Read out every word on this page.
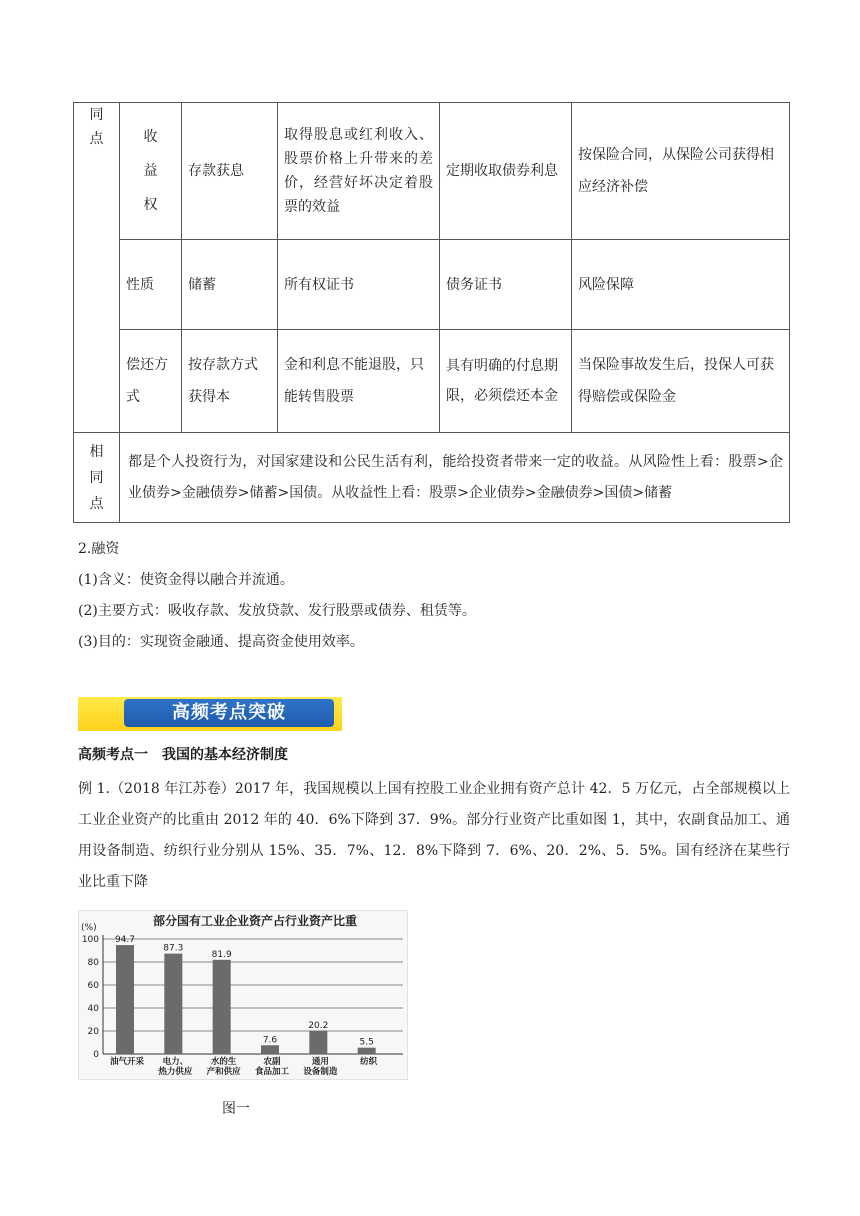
同点	收益权	存款获息	取得股息或红利收入、股票价格上升带来的差价，经营好坏决定着股票的效益	定期收取债券利息	按保险合同，从保险公司获得相应经济补偿
	性质	储蓄	所有权证书	债务证书	风险保障
	偿还方式	按存款方式获得本	金和利息不能退股，只能转售股票	具有明确的付息期限，必须偿还本金	当保险事故发生后，投保人可获得赔偿或保险金

相同点	都是个人投资行为，对国家建设和公民生活有利，能给投资者带来一定的收益。从风险性上看：股票>企业债券>金融债券>储蓄>国债。从收益性上看：股票>企业债券>金融债券>国债>储蓄				
2.融资
(1)含义：使资金得以融合并流通。
(2)主要方式：吸收存款、发放贷款、发行股票或债券、租赁等。
(3)目的：实现资金融通、提高资金使用效率。
高频考点突破
高频考点一　我国的基本经济制度
例 1.（2018 年江苏卷）2017 年，我国规模以上国有控股工业企业拥有资产总计 42．5 万亿元，占全部规模以上工业企业资产的比重由 2012 年的 40．6%下降到 37．9%。部分行业资产比重如图 1，其中，农副食品加工、通用设备制造、纺织行业分别从 15%、35．7%、12．8%下降到 7．6%、20．2%、5．5%。国有经济在某些行业比重下降
部分国有工业企业资产占行业资产比重
(%)
0
20
40
60
80
100 94.7
油气开采
87.3
电力、
热力供应
81.9
水的生
产和供应
7.6
农副
食品加工
20.2
通用
设备制造
5.5
纺织
图一
